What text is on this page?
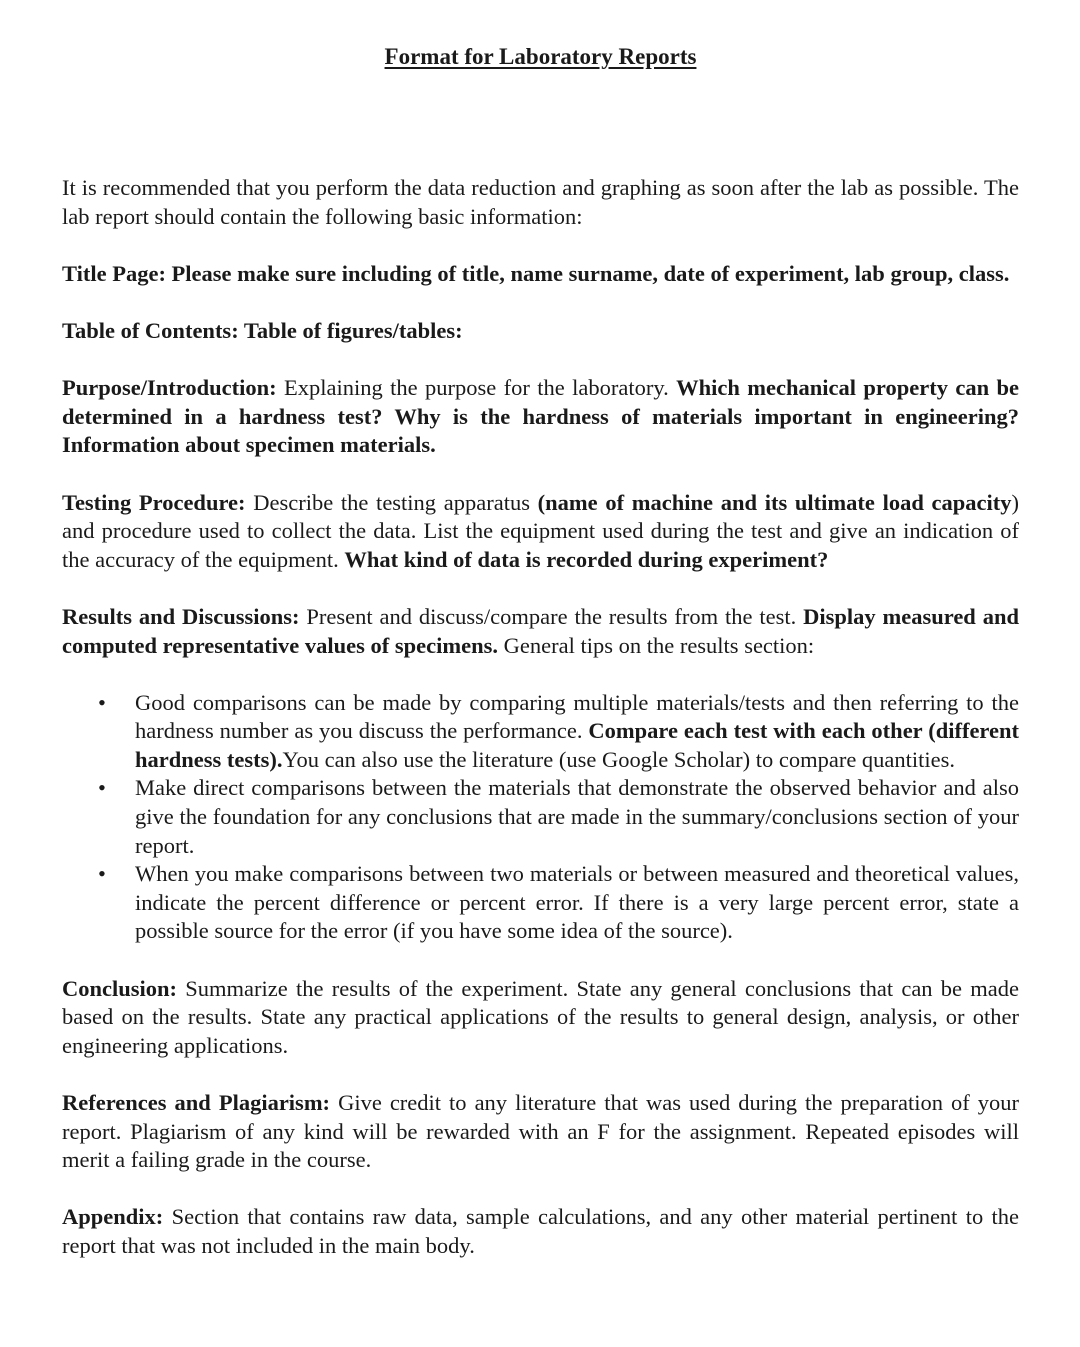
Format for Laboratory Reports

It is recommended that you perform the data reduction and graphing as soon after the lab as possible. The lab report should contain the following basic information:

Title Page: Please make sure including of title, name surname, date of experiment, lab group, class.

Table of Contents: Table of figures/tables:

Purpose/Introduction: Explaining the purpose for the laboratory. Which mechanical property can be determined in a hardness test? Why is the hardness of materials important in engineering? Information about specimen materials.

Testing Procedure: Describe the testing apparatus (name of machine and its ultimate load capacity) and procedure used to collect the data. List the equipment used during the test and give an indication of the accuracy of the equipment. What kind of data is recorded during experiment?

Results and Discussions: Present and discuss/compare the results from the test. Display measured and computed representative values of specimens. General tips on the results section:

• Good comparisons can be made by comparing multiple materials/tests and then referring to the hardness number as you discuss the performance. Compare each test with each other (different hardness tests).You can also use the literature (use Google Scholar) to compare quantities.
• Make direct comparisons between the materials that demonstrate the observed behavior and also give the foundation for any conclusions that are made in the summary/conclusions section of your report.
• When you make comparisons between two materials or between measured and theoretical values, indicate the percent difference or percent error. If there is a very large percent error, state a possible source for the error (if you have some idea of the source).

Conclusion: Summarize the results of the experiment. State any general conclusions that can be made based on the results. State any practical applications of the results to general design, analysis, or other engineering applications.

References and Plagiarism: Give credit to any literature that was used during the preparation of your report. Plagiarism of any kind will be rewarded with an F for the assignment. Repeated episodes will merit a failing grade in the course.

Appendix: Section that contains raw data, sample calculations, and any other material pertinent to the report that was not included in the main body.
